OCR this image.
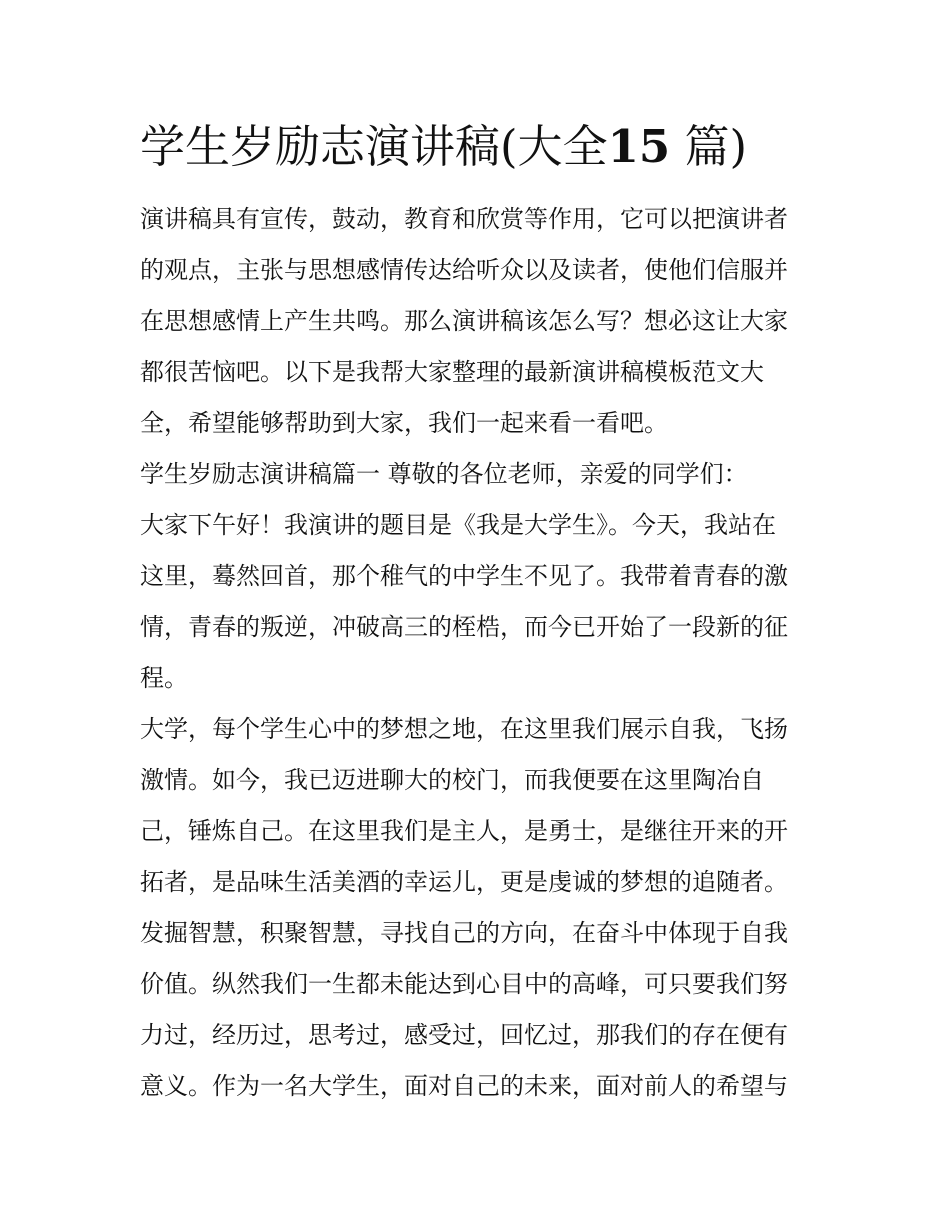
学生岁励志演讲稿(大全15 篇)

演讲稿具有宣传，鼓动，教育和欣赏等作用，它可以把演讲者

的观点，主张与思想感情传达给听众以及读者，使他们信服并

在思想感情上产生共鸣。那么演讲稿该怎么写？想必这让大家

都很苦恼吧。以下是我帮大家整理的最新演讲稿模板范文大

全，希望能够帮助到大家，我们一起来看一看吧。

学生岁励志演讲稿篇一 尊敬的各位老师，亲爱的同学们：

大家下午好！我演讲的题目是《我是大学生》。今天，我站在

这里，蓦然回首，那个稚气的中学生不见了。我带着青春的激

情，青春的叛逆，冲破高三的桎梏，而今已开始了一段新的征

程。

大学，每个学生心中的梦想之地，在这里我们展示自我，飞扬

激情。如今，我已迈进聊大的校门，而我便要在这里陶冶自

己，锤炼自己。在这里我们是主人，是勇士，是继往开来的开

拓者，是品味生活美酒的幸运儿，更是虔诚的梦想的追随者。

发掘智慧，积聚智慧，寻找自己的方向，在奋斗中体现于自我

价值。纵然我们一生都未能达到心目中的高峰，可只要我们努

力过，经历过，思考过，感受过，回忆过，那我们的存在便有

意义。作为一名大学生，面对自己的未来，面对前人的希望与
